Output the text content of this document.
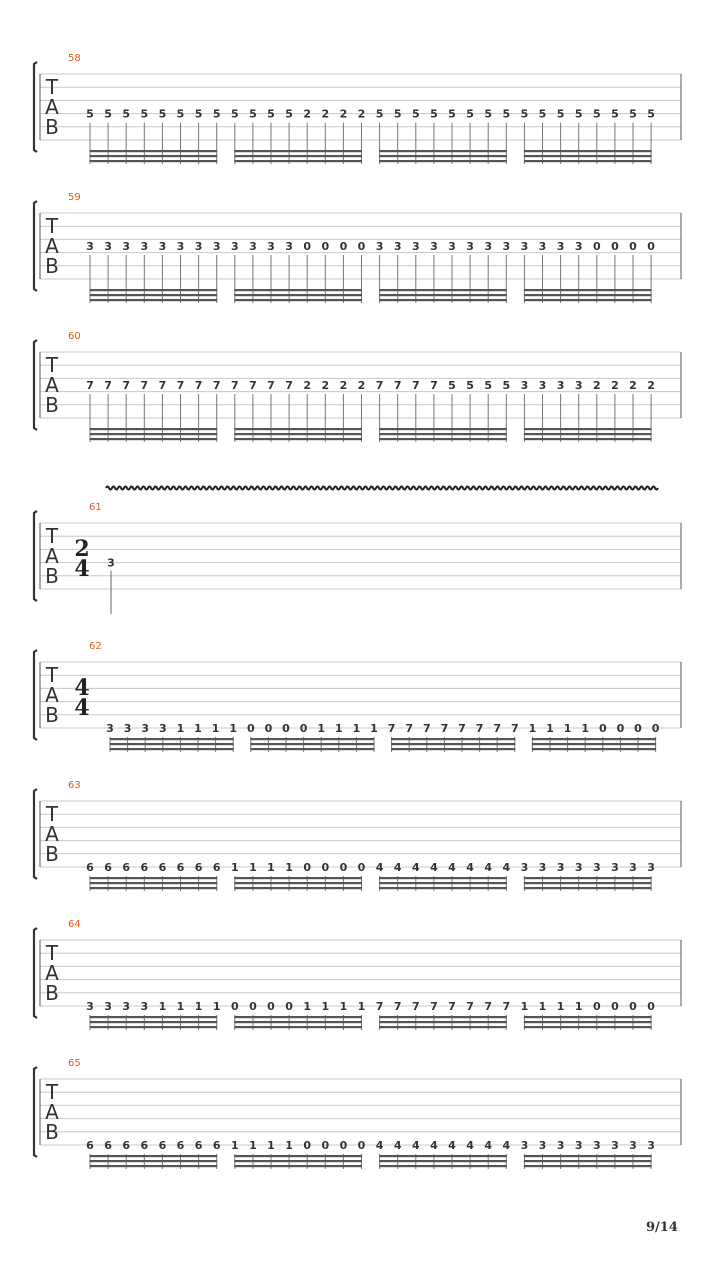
T
A
B
58
5 5 5 5 5 5 5 5 5 5 5 5 2 2 2 2 5 5 5 5 5 5 5 5 5 5 5 5 5 5 5 5
T
A
B
59
3 3 3 3 3 3 3 3 3 3 3 3 0 0 0 0 3 3 3 3 3 3 3 3 3 3 3 3 0 0 0 0
T
A
B
60
7 7 7 7 7 7 7 7 7 7 7 7 2 2 2 2 7 7 7 7 5 5 5 5 3 3 3 3 2 2 2 2
T
A
B
61
2
4 3
T
A
B
62
4
4
3 3 3 3 1 1 1 1 0 0 0 0 1 1 1 1 7 7 7 7 7 7 7 7 1 1 1 1 0 0 0 0
T
A
B
63
6 6 6 6 6 6 6 6 1 1 1 1 0 0 0 0 4 4 4 4 4 4 4 4 3 3 3 3 3 3 3 3
T
A
B
64
3 3 3 3 1 1 1 1 0 0 0 0 1 1 1 1 7 7 7 7 7 7 7 7 1 1 1 1 0 0 0 0
T
A
B
65
6 6 6 6 6 6 6 6 1 1 1 1 0 0 0 0 4 4 4 4 4 4 4 4 3 3 3 3 3 3 3 3
9/14
